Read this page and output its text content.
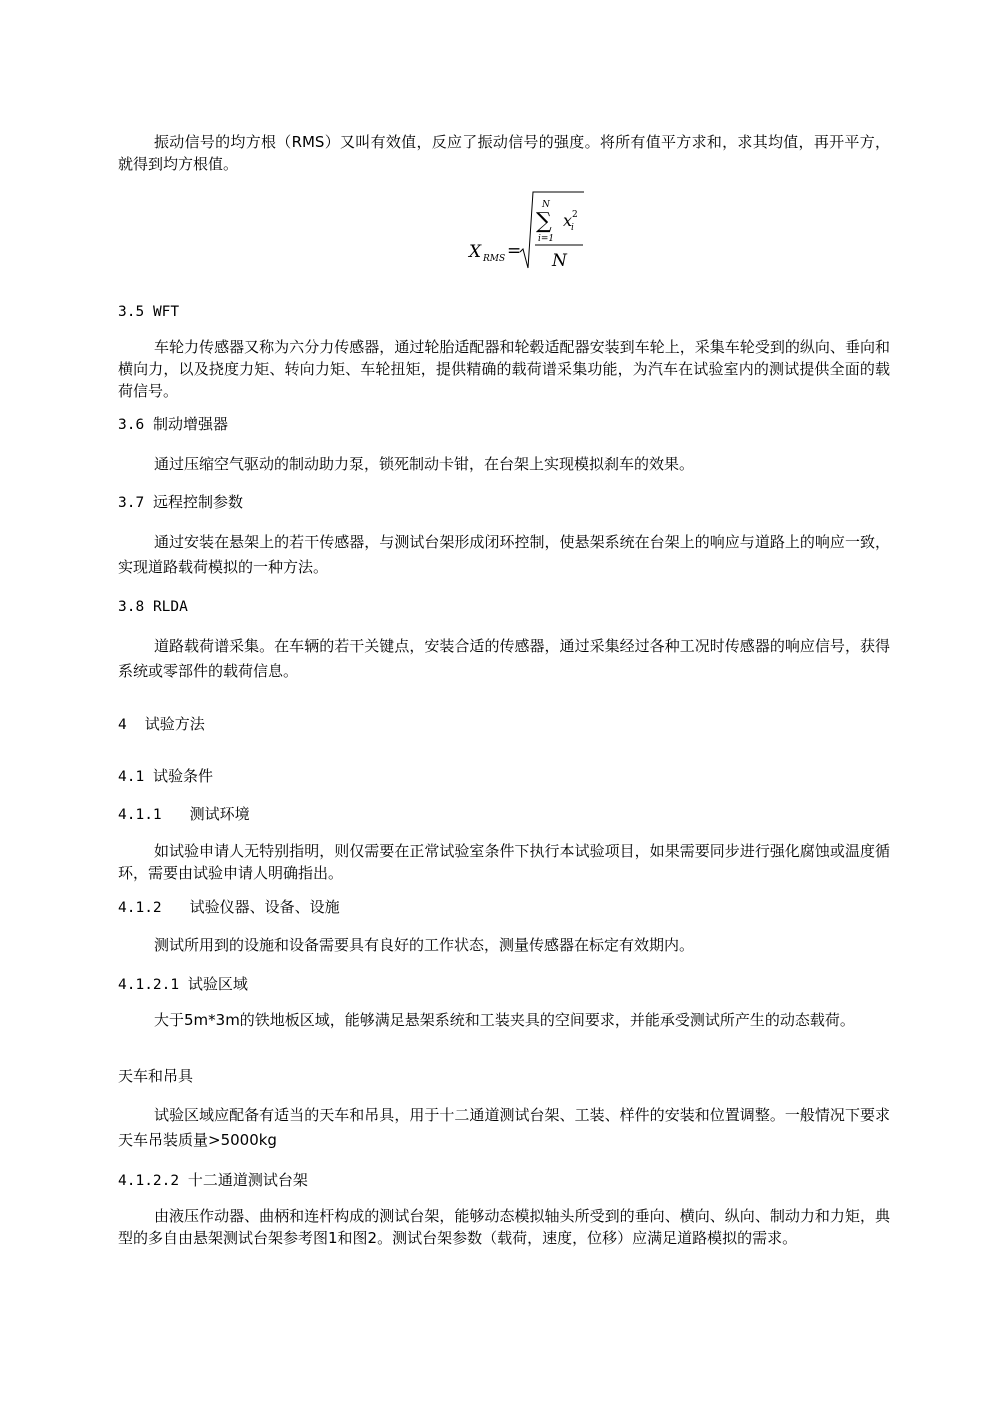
振动信号的均方根（RMS）又叫有效值，反应了振动信号的强度。将所有值平方求和，求其均值，再开平方，就得到均方根值。
X RMS =
N
∑
i=1
x
i
2
N
3.5 WFT
车轮力传感器又称为六分力传感器，通过轮胎适配器和轮毂适配器安装到车轮上，采集车轮受到的纵向、垂向和横向力，以及挠度力矩、转向力矩、车轮扭矩，提供精确的载荷谱采集功能，为汽车在试验室内的测试提供全面的载荷信号。
3.6 制动增强器
通过压缩空气驱动的制动助力泵，锁死制动卡钳，在台架上实现模拟刹车的效果。
3.7 远程控制参数
通过安装在悬架上的若干传感器，与测试台架形成闭环控制，使悬架系统在台架上的响应与道路上的响应一致，实现道路载荷模拟的一种方法。
3.8 RLDA
道路载荷谱采集。在车辆的若干关键点，安装合适的传感器，通过采集经过各种工况时传感器的响应信号，获得系统或零部件的载荷信息。
4 试验方法
4.1 试验条件
4.1.1 测试环境
如试验申请人无特别指明，则仅需要在正常试验室条件下执行本试验项目，如果需要同步进行强化腐蚀或温度循环，需要由试验申请人明确指出。
4.1.2 试验仪器、设备、设施
测试所用到的设施和设备需要具有良好的工作状态，测量传感器在标定有效期内。
4.1.2.1 试验区域
大于5m*3m的铁地板区域，能够满足悬架系统和工装夹具的空间要求，并能承受测试所产生的动态载荷。
天车和吊具
试验区域应配备有适当的天车和吊具，用于十二通道测试台架、工装、样件的安装和位置调整。一般情况下要求天车吊装质量>5000kg
4.1.2.2 十二通道测试台架
由液压作动器、曲柄和连杆构成的测试台架，能够动态模拟轴头所受到的垂向、横向、纵向、制动力和力矩，典型的多自由悬架测试台架参考图1和图2。测试台架参数（载荷，速度，位移）应满足道路模拟的需求。
